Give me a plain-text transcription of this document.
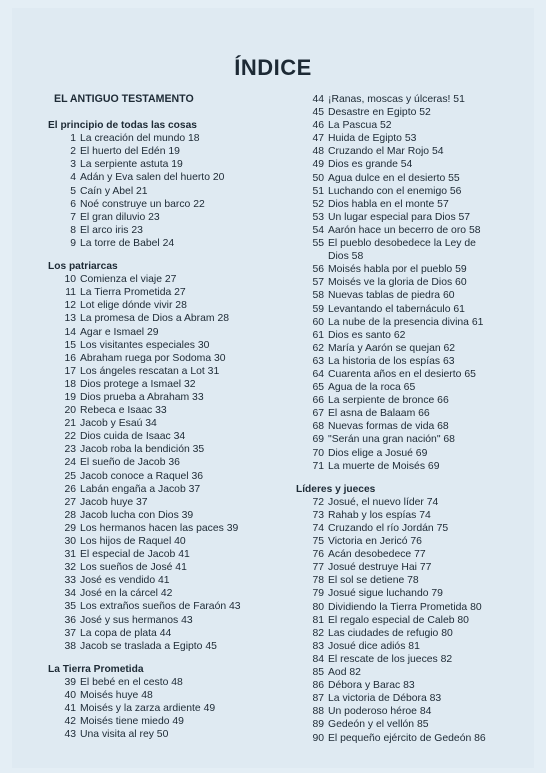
ÍNDICE
EL ANTIGUO TESTAMENTO
El principio de todas las cosas
1 La creación del mundo 18
2 El huerto del Edén 19
3 La serpiente astuta 19
4 Adán y Eva salen del huerto 20
5 Caín y Abel 21
6 Noé construye un barco 22
7 El gran diluvio 23
8 El arco iris 23
9 La torre de Babel 24
Los patriarcas
10 Comienza el viaje 27
11 La Tierra Prometida 27
12 Lot elige dónde vivir 28
13 La promesa de Dios a Abram 28
14 Agar e Ismael 29
15 Los visitantes especiales 30
16 Abraham ruega por Sodoma 30
17 Los ángeles rescatan a Lot 31
18 Dios protege a Ismael 32
19 Dios prueba a Abraham 33
20 Rebeca e Isaac 33
21 Jacob y Esaú 34
22 Dios cuida de Isaac 34
23 Jacob roba la bendición 35
24 El sueño de Jacob 36
25 Jacob conoce a Raquel 36
26 Labán engaña a Jacob 37
27 Jacob huye 37
28 Jacob lucha con Dios 39
29 Los hermanos hacen las paces 39
30 Los hijos de Raquel 40
31 El especial de Jacob 41
32 Los sueños de José 41
33 José es vendido 41
34 José en la cárcel 42
35 Los extraños sueños de Faraón 43
36 José y sus hermanos 43
37 La copa de plata 44
38 Jacob se traslada a Egipto 45
La Tierra Prometida
39 El bebé en el cesto 48
40 Moisés huye 48
41 Moisés y la zarza ardiente 49
42 Moisés tiene miedo 49
43 Una visita al rey 50
44 ¡Ranas, moscas y úlceras! 51
45 Desastre en Egipto 52
46 La Pascua 52
47 Huida de Egipto 53
48 Cruzando el Mar Rojo 54
49 Dios es grande 54
50 Agua dulce en el desierto 55
51 Luchando con el enemigo 56
52 Dios habla en el monte 57
53 Un lugar especial para Dios 57
54 Aarón hace un becerro de oro 58
55 El pueblo desobedece la Ley de
Dios 58
56 Moisés habla por el pueblo 59
57 Moisés ve la gloria de Dios 60
58 Nuevas tablas de piedra 60
59 Levantando el tabernáculo 61
60 La nube de la presencia divina 61
61 Dios es santo 62
62 María y Aarón se quejan 62
63 La historia de los espías 63
64 Cuarenta años en el desierto 65
65 Agua de la roca 65
66 La serpiente de bronce 66
67 El asna de Balaam 66
68 Nuevas formas de vida 68
69 "Serán una gran nación" 68
70 Dios elige a Josué 69
71 La muerte de Moisés 69
Líderes y jueces
72 Josué, el nuevo líder 74
73 Rahab y los espías 74
74 Cruzando el río Jordán 75
75 Victoria en Jericó 76
76 Acán desobedece 77
77 Josué destruye Hai 77
78 El sol se detiene 78
79 Josué sigue luchando 79
80 Dividiendo la Tierra Prometida 80
81 El regalo especial de Caleb 80
82 Las ciudades de refugio 80
83 Josué dice adiós 81
84 El rescate de los jueces 82
85 Aod 82
86 Débora y Barac 83
87 La victoria de Débora 83
88 Un poderoso héroe 84
89 Gedeón y el vellón 85
90 El pequeño ejército de Gedeón 86
